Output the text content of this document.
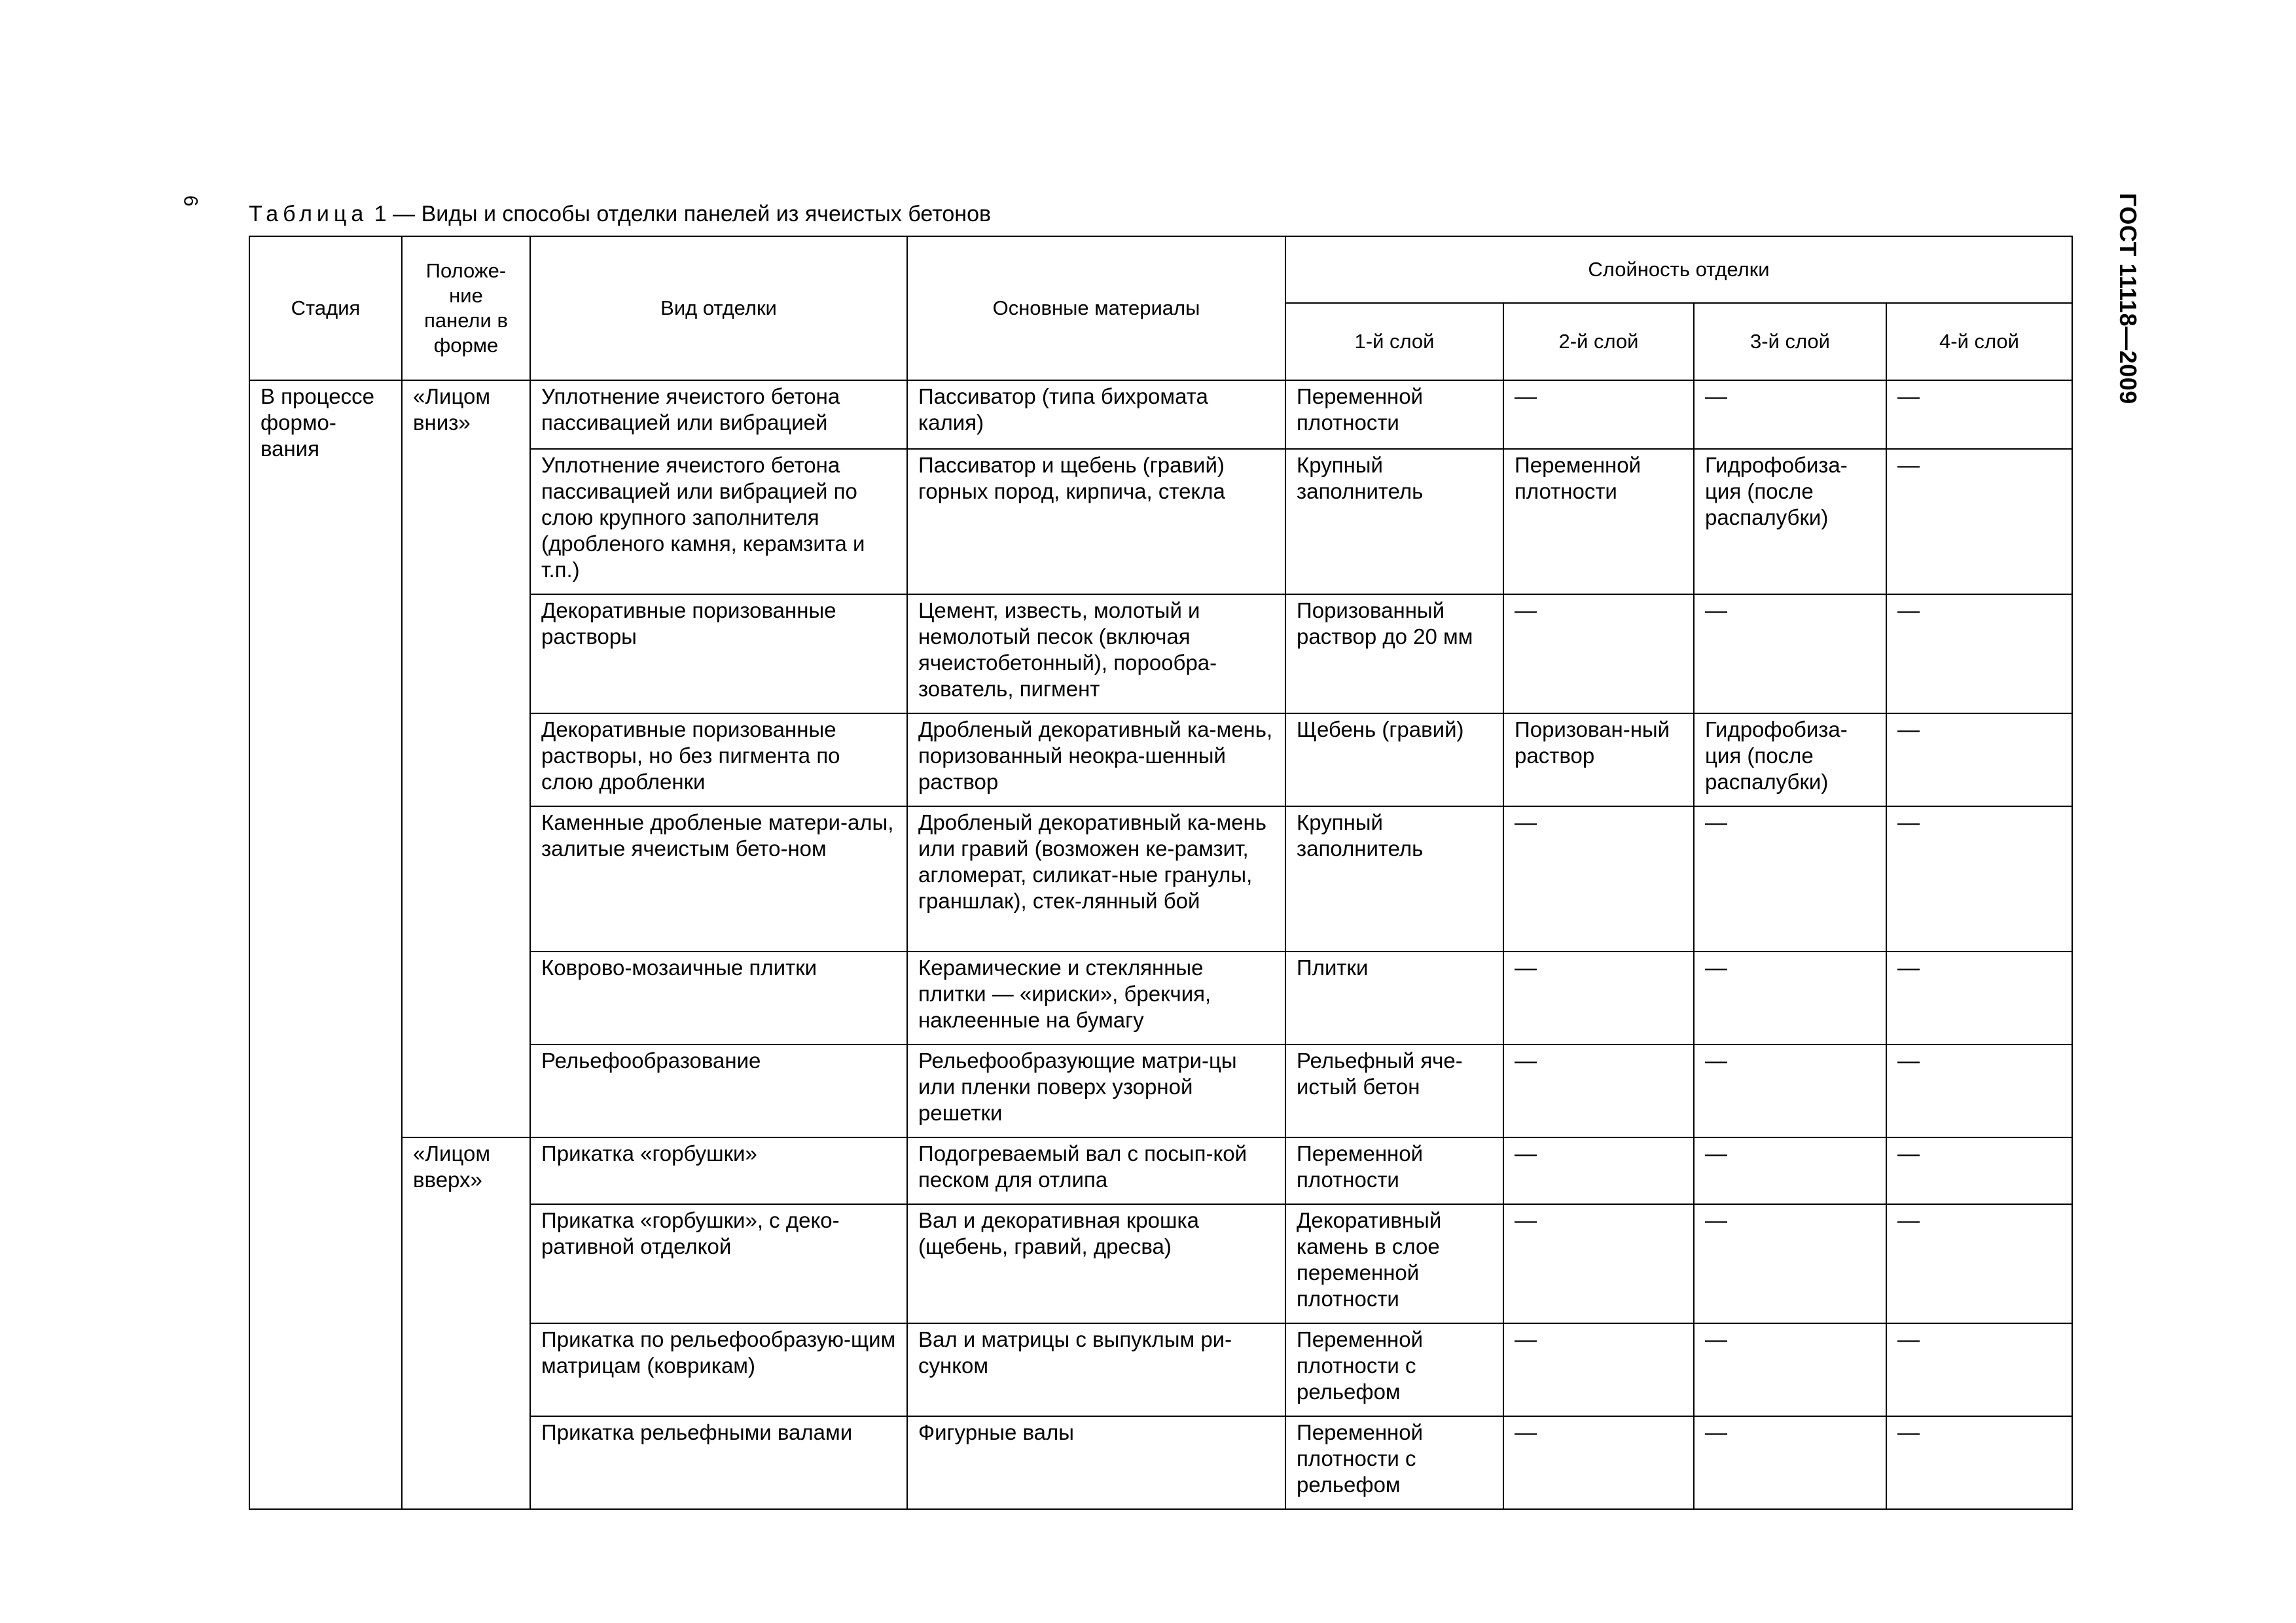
6	ГОСТ 11118—2009
Таблица 1 — Виды и способы отделки панелей из ячеистых бетонов
Стадия	Положе-ние панели в форме	Вид отделки	Основные материалы	Слойность отделки			
				1-й слой	2-й слой	3-й слой	4-й слой
В процессе формо-вания	«Лицом вниз»	Уплотнение ячеистого бетона пассивацией или вибрацией	Пассиватор (типа бихромата калия)	Переменной плотности	—	—	—
		Уплотнение ячеистого бетона пассивацией или вибрацией по слою крупного заполнителя (дробленого камня, керамзита и т.п.)	Пассиватор и щебень (гравий) горных пород, кирпича, стекла	Крупный заполнитель	Переменной плотности	Гидрофобиза-ция (после распалубки)	—
		Декоративные поризованные растворы	Цемент, известь, молотый и немолотый песок (включая ячеистобетонный), порообра-зователь, пигмент	Поризованный раствор до 20 мм	—	—	—
		Декоративные поризованные растворы, но без пигмента по слою дробленки	Дробленый декоративный ка-мень, поризованный неокра-шенный раствор	Щебень (гравий)	Поризован-ный раствор	Гидрофобиза-ция (после распалубки)	—
		Каменные дробленые матери-алы, залитые ячеистым бето-ном	Дробленый декоративный ка-мень или гравий (возможен ке-рамзит, агломерат, силикат-ные гранулы, граншлак), стек-лянный бой	Крупный заполнитель	—	—	—
		Коврово-мозаичные плитки	Керамические и стеклянные плитки — «ириски», брекчия, наклеенные на бумагу	Плитки	—	—	—
		Рельефообразование	Рельефообразующие матри-цы или пленки поверх узорной решетки	Рельефный яче-истый бетон	—	—	—
	«Лицом вверх»	Прикатка «горбушки»	Подогреваемый вал с посып-кой песком для отлипа	Переменной плотности	—	—	—
		Прикатка «горбушки», с деко-ративной отделкой	Вал и декоративная крошка (щебень, гравий, дресва)	Декоративный камень в слое переменной плотности	—	—	—
		Прикатка по рельефообразую-щим матрицам (коврикам)	Вал и матрицы с выпуклым ри-сунком	Переменной плотности с рельефом	—	—	—
		Прикатка рельефными валами	Фигурные валы	Переменной плотности с рельефом	—	—	—
